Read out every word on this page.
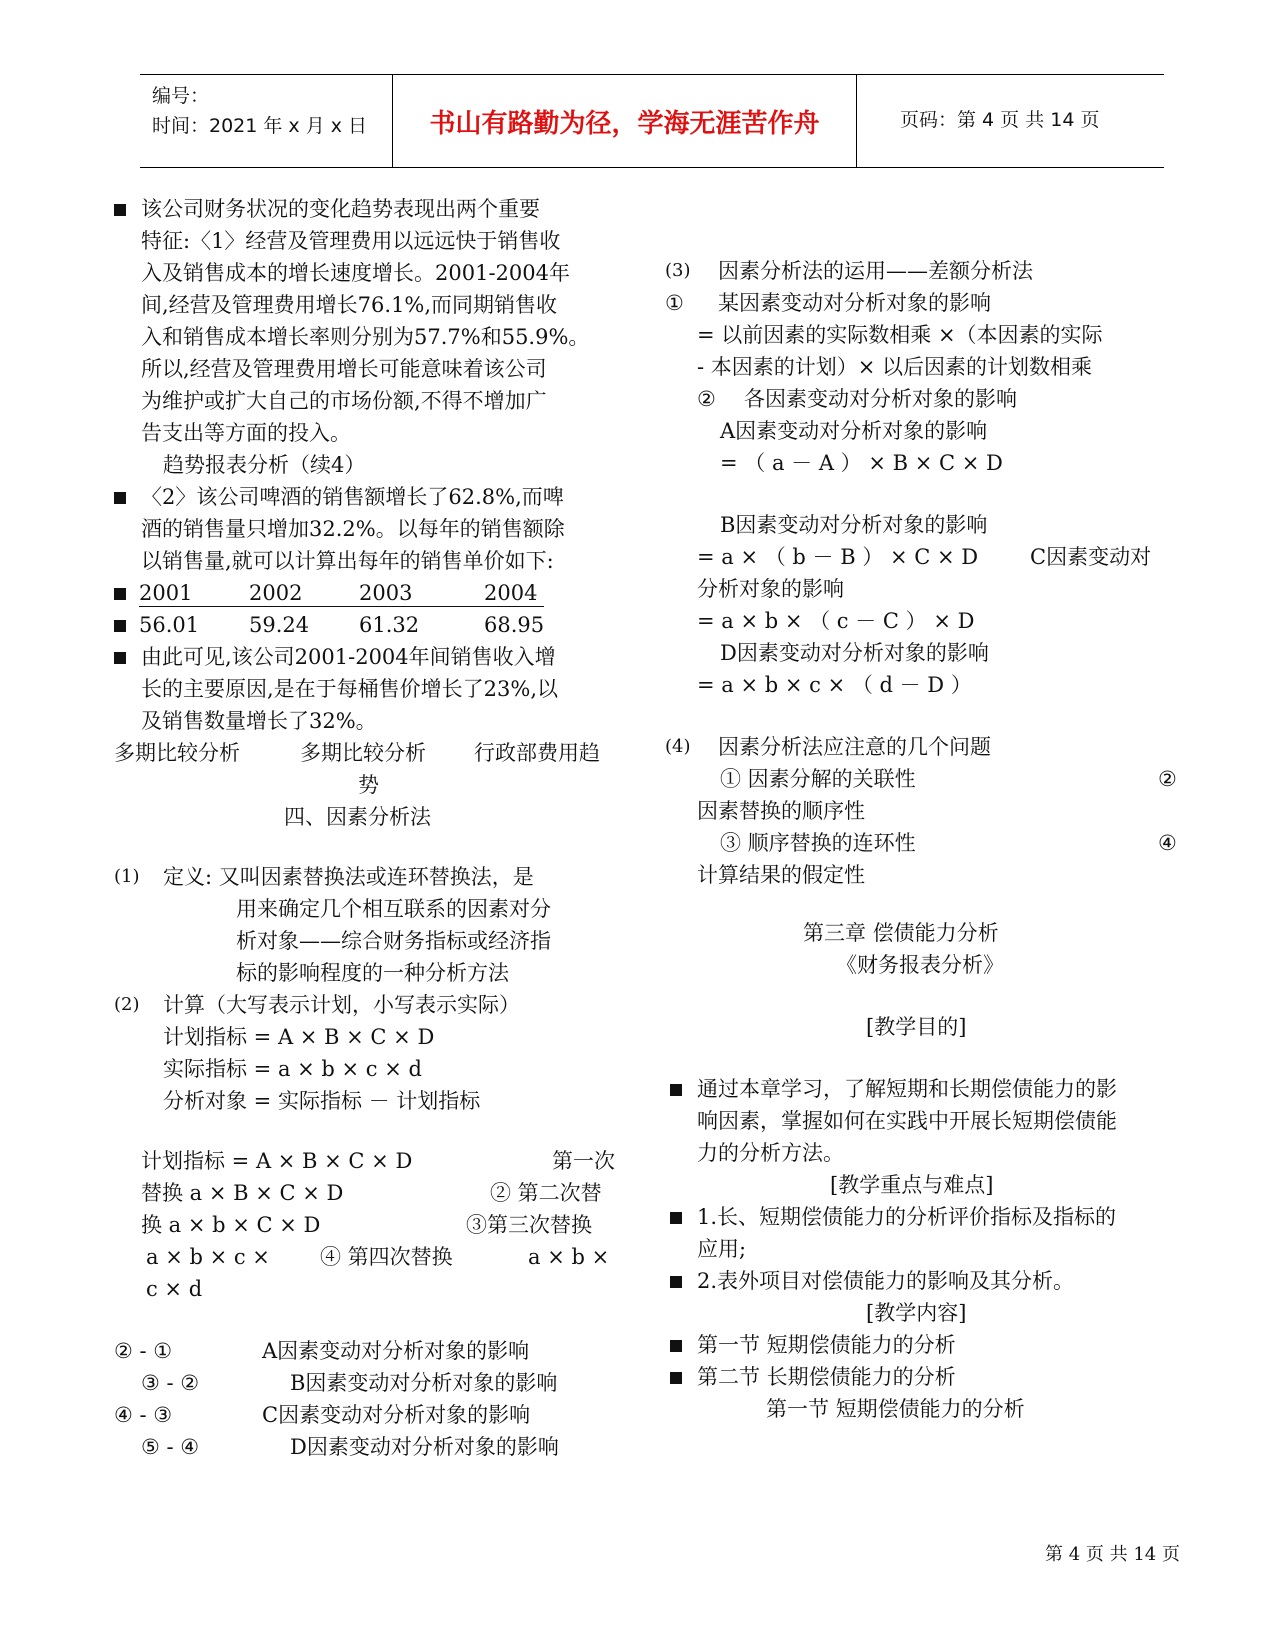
编号：
时间：2021 年 x 月 x 日	书山有路勤为径，学海无涯苦作舟	页码：第 4 页 共 14 页
该公司财务状况的变化趋势表现出两个重要
特征:〈1〉经营及管理费用以远远快于销售收
入及销售成本的增长速度增长。2001-2004年
间,经营及管理费用增长76.1%,而同期销售收
入和销售成本增长率则分别为57.7%和55.9%。
所以,经营及管理费用增长可能意味着该公司
为维护或扩大自己的市场份额,不得不增加广
告支出等方面的投入。
趋势报表分析（续4）
〈2〉该公司啤酒的销售额增长了62.8%,而啤
酒的销售量只增加32.2%。以每年的销售额除
以销售量,就可以计算出每年的销售单价如下:
2001	2002	2003	2004
56.01 59.24 61.32	68.95
由此可见,该公司2001-2004年间销售收入增
长的主要原因,是在于每桶售价增长了23%,以
及销售数量增长了32%。
多期比较分析	多期比较分析 行政部费用趋
势
四、因素分析法
(1) 定义: 又叫因素替换法或连环替换法，是
用来确定几个相互联系的因素对分
析对象——综合财务指标或经济指
标的影响程度的一种分析方法
(2) 计算（大写表示计划，小写表示实际）
计划指标 = A × B × C × D
实际指标 = a × b × c × d
分析对象 = 实际指标 － 计划指标
计划指标 = A × B × C × D	第一次
替换 a × B × C × D	② 第二次替
换 a × b × C × D	③第三次替换
a × b × c × ④ 第四次替换	a × b ×
c × d
② - ①	A因素变动对分析对象的影响
③ - ②	B因素变动对分析对象的影响
④ - ③	C因素变动对分析对象的影响
⑤ - ④	D因素变动对分析对象的影响
(3) 因素分析法的运用——差额分析法
① 某因素变动对分析对象的影响
= 以前因素的实际数相乘 ×（本因素的实际
- 本因素的计划）× 以后因素的计划数相乘
② 各因素变动对分析对象的影响
A因素变动对分析对象的影响
= （ a － A ） × B × C × D
B因素变动对分析对象的影响
= a × （ b － B ） × C × D C因素变动对
分析对象的影响
= a × b × （ c － C ） × D
D因素变动对分析对象的影响
= a × b × c × （ d － D ）
(4) 因素分析法应注意的几个问题
① 因素分解的关联性	②
因素替换的顺序性
③ 顺序替换的连环性	④
计算结果的假定性
第三章 偿债能力分析
《财务报表分析》
[教学目的]
通过本章学习，了解短期和长期偿债能力的影
响因素，掌握如何在实践中开展长短期偿债能
力的分析方法。
[教学重点与难点]
1.长、短期偿债能力的分析评价指标及指标的
应用;
2.表外项目对偿债能力的影响及其分析。
[教学内容]
第一节 短期偿债能力的分析
第二节 长期偿债能力的分析
第一节 短期偿债能力的分析
第 4 页 共 14 页
